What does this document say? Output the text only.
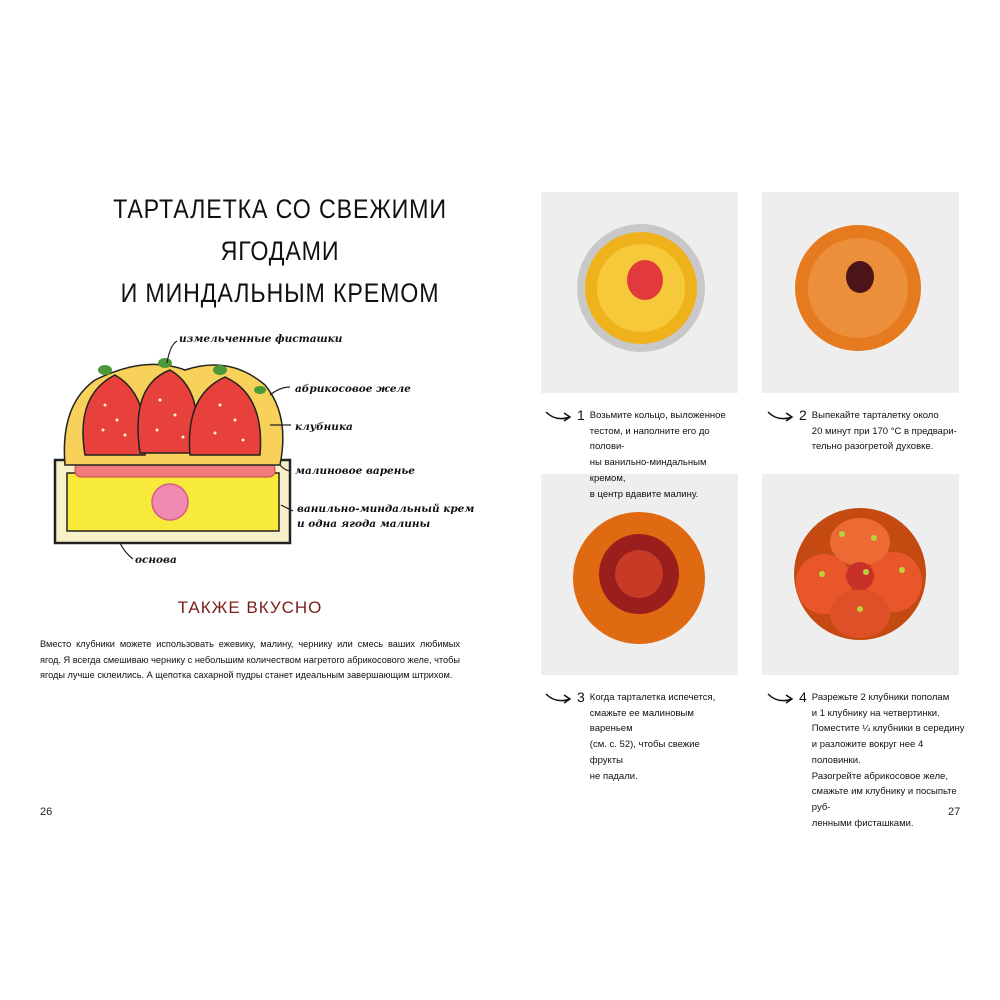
ТАРТАЛЕТКА СО СВЕЖИМИ ЯГОДАМИ
И МИНДАЛЬНЫМ КРЕМОМ
измельченные фисташки
абрикосовое желе
клубника
малиновое варенье
ванильно-миндальный крем
и одна ягода малины
основа
ТАКЖЕ ВКУСНО
Вместо клубники можете использовать ежевику, малину, чернику или смесь ваших любимых ягод. Я всегда смешиваю чернику с небольшим количеством нагретого абрикосового желе, чтобы ягоды лучше склеились. А щепотка сахарной пудры станет идеальным завершающим штрихом.
26
1 Возьмите кольцо, выложенное
тестом, и наполните его до полови-
ны ванильно-миндальным кремом,
в центр вдавите малину.
2 Выпекайте тарталетку около
20 минут при 170 °C в предвари-
тельно разогретой духовке.
3 Когда тарталетка испечется,
смажьте ее малиновым вареньем
(см. с. 52), чтобы свежие фрукты
не падали.
4 Разрежьте 2 клубники пополам
и 1 клубнику на четвертинки.
Поместите ¼ клубники в середину
и разложите вокруг нее 4 половинки.
Разогрейте абрикосовое желе,
смажьте им клубнику и посыпьте руб-
ленными фисташками.
27
